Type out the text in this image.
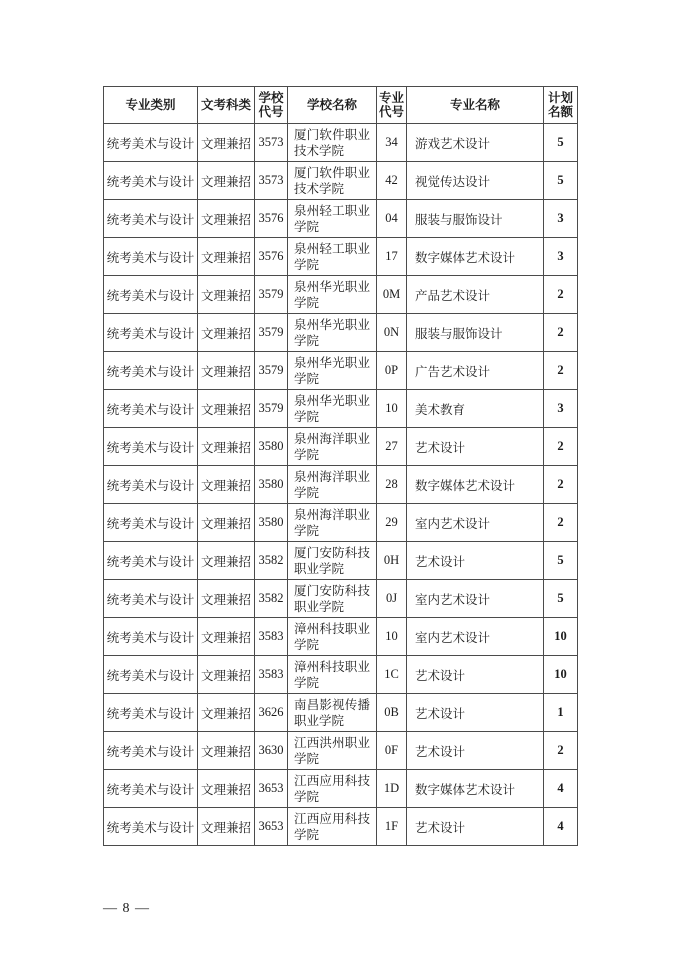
专业类别	文考科类	学校代号	学校名称	专业代号	专业名称	计划名额
统考美术与设计	文理兼招	3573	厦门软件职业技术学院	34	游戏艺术设计	5
统考美术与设计	文理兼招	3573	厦门软件职业技术学院	42	视觉传达设计	5
统考美术与设计	文理兼招	3576	泉州轻工职业学院	04	服装与服饰设计	3
统考美术与设计	文理兼招	3576	泉州轻工职业学院	17	数字媒体艺术设计	3
统考美术与设计	文理兼招	3579	泉州华光职业学院	0M	产品艺术设计	2
统考美术与设计	文理兼招	3579	泉州华光职业学院	0N	服装与服饰设计	2
统考美术与设计	文理兼招	3579	泉州华光职业学院	0P	广告艺术设计	2
统考美术与设计	文理兼招	3579	泉州华光职业学院	10	美术教育	3
统考美术与设计	文理兼招	3580	泉州海洋职业学院	27	艺术设计	2
统考美术与设计	文理兼招	3580	泉州海洋职业学院	28	数字媒体艺术设计	2
统考美术与设计	文理兼招	3580	泉州海洋职业学院	29	室内艺术设计	2
统考美术与设计	文理兼招	3582	厦门安防科技职业学院	0H	艺术设计	5
统考美术与设计	文理兼招	3582	厦门安防科技职业学院	0J	室内艺术设计	5
统考美术与设计	文理兼招	3583	漳州科技职业学院	10	室内艺术设计	10
统考美术与设计	文理兼招	3583	漳州科技职业学院	1C	艺术设计	10
统考美术与设计	文理兼招	3626	南昌影视传播职业学院	0B	艺术设计	1
统考美术与设计	文理兼招	3630	江西洪州职业学院	0F	艺术设计	2
统考美术与设计	文理兼招	3653	江西应用科技学院	1D	数字媒体艺术设计	4
统考美术与设计	文理兼招	3653	江西应用科技学院	1F	艺术设计	4
— 8 —
